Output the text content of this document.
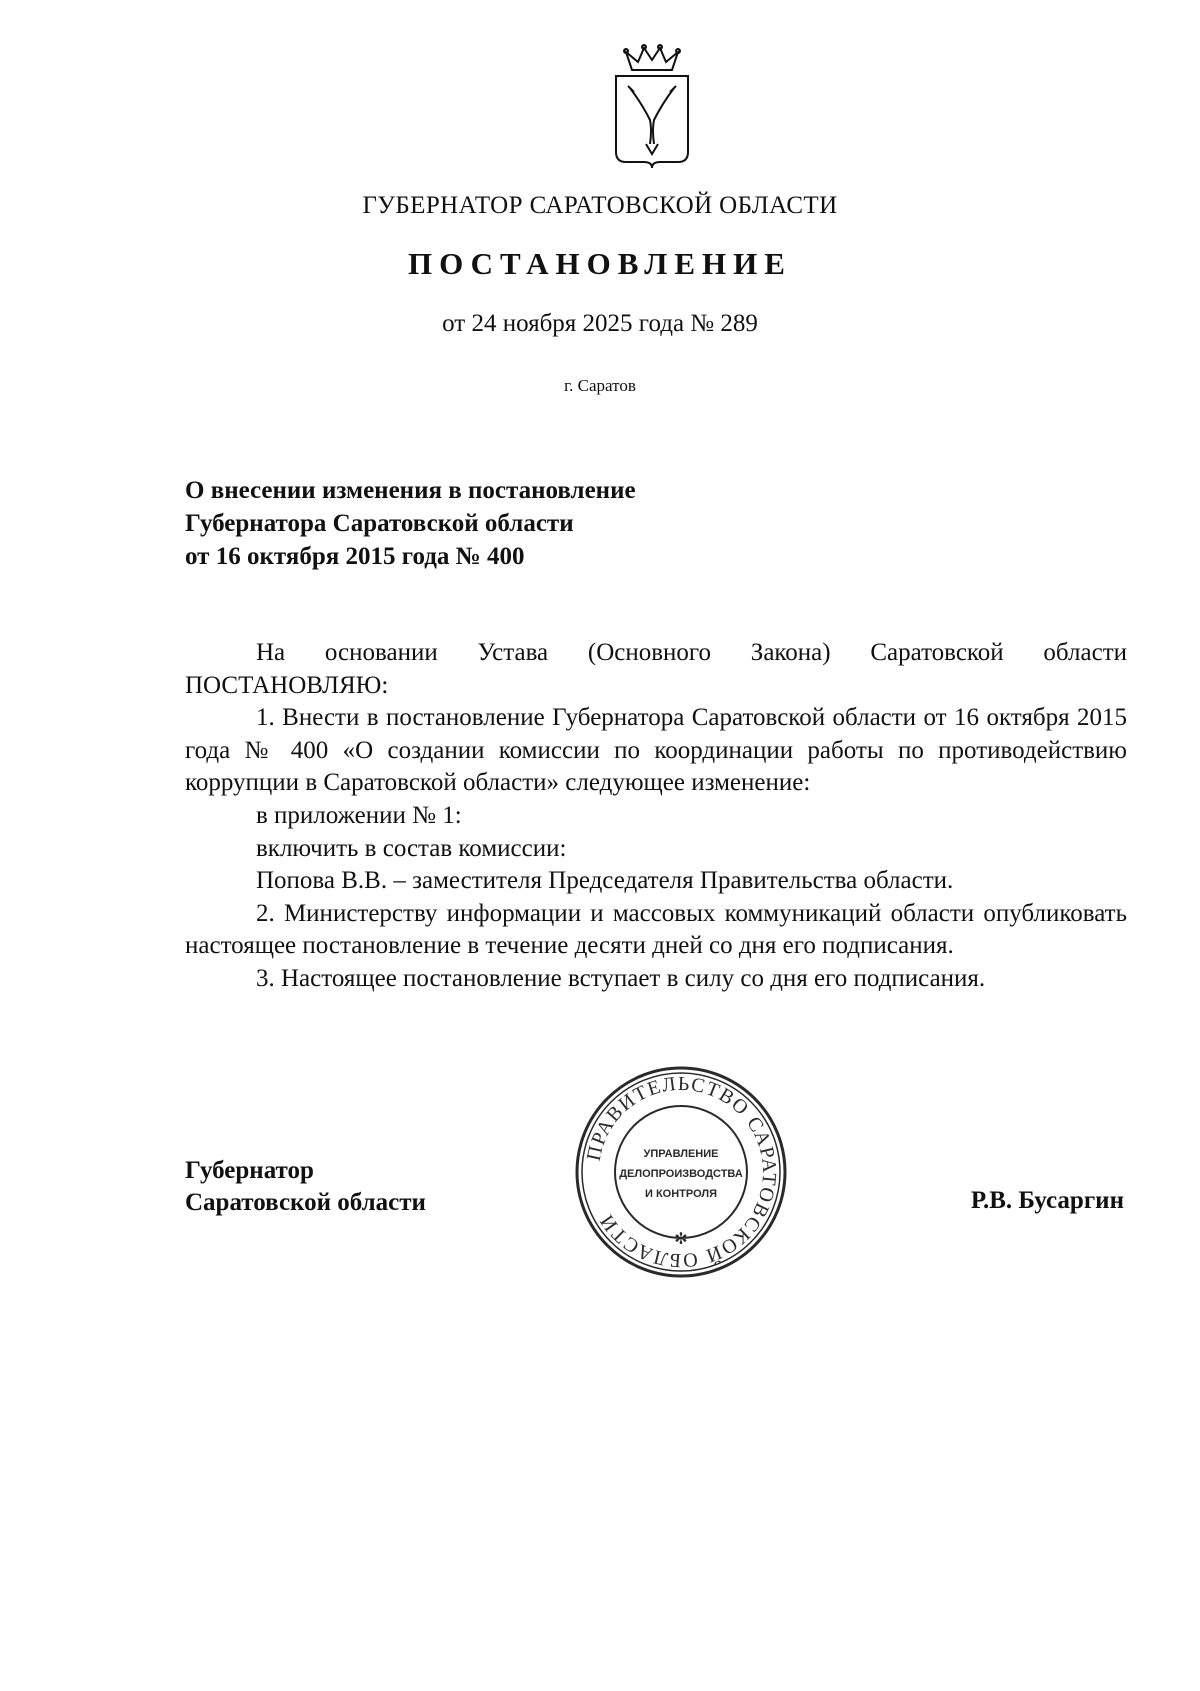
ГУБЕРНАТОР САРАТОВСКОЙ ОБЛАСТИ
ПОСТАНОВЛЕНИЕ
от 24 ноября 2025 года № 289
г. Саратов
О внесении изменения в постановление
Губернатора Саратовской области
от 16 октября 2015 года № 400

На основании Устава (Основного Закона) Саратовской области ПОСТАНОВЛЯЮ:

1. Внести в постановление Губернатора Саратовской области от 16 октября 2015 года № 400 «О создании комиссии по координации работы по противодействию коррупции в Саратовской области» следующее изменение:

в приложении № 1:

включить в состав комиссии:

Попова В.В. – заместителя Председателя Правительства области.

2. Министерству информации и массовых коммуникаций области опубликовать настоящее постановление в течение десяти дней со дня его подписания.

3. Настоящее постановление вступает в силу со дня его подписания.

Губернатор
Саратовской области	Р.В. Бусаргин
ПРАВИТЕЛЬСТВО САРАТОВСКОЙ ОБЛАСТИ
✻
УПРАВЛЕНИЕ
ДЕЛОПРОИЗВОДСТВА
И КОНТРОЛЯ
